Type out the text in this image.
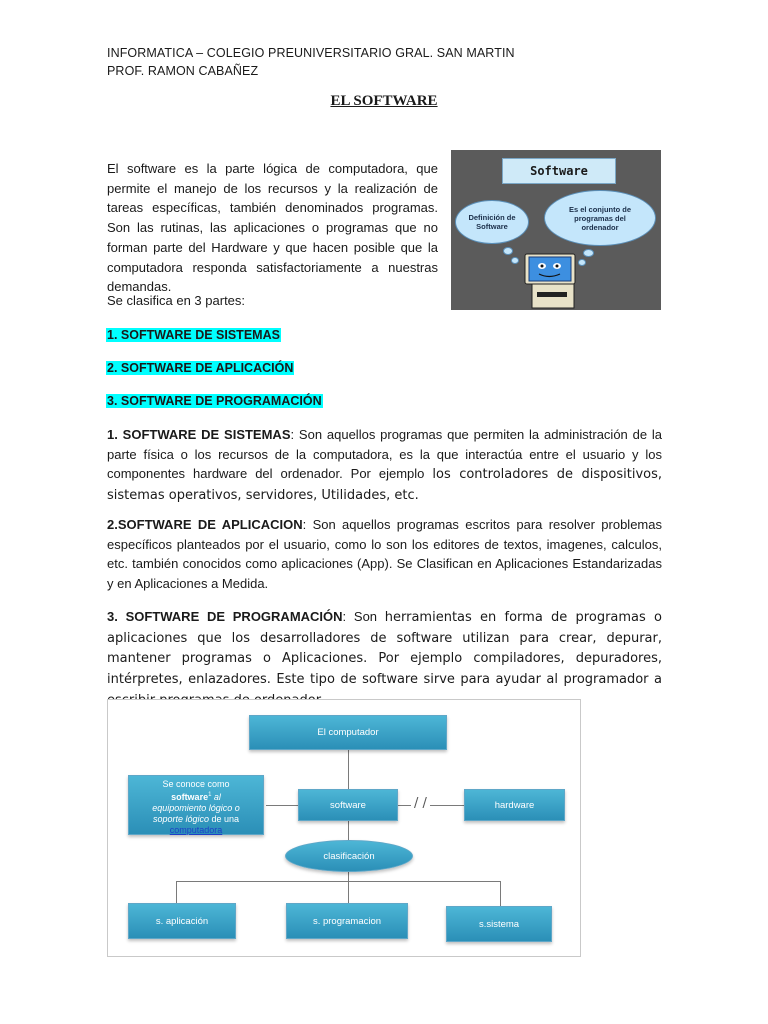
INFORMATICA – COLEGIO PREUNIVERSITARIO GRAL. SAN MARTIN
PROF. RAMON CABAÑEZ
EL SOFTWARE
El software es la parte lógica de computadora, que permite el manejo de los recursos y la realización de tareas específicas, también denominados programas. Son las rutinas, las aplicaciones o programas que no forman parte del Hardware y que hacen posible que la computadora responda satisfactoriamente a nuestras demandas.
Software
Definición de Software
Es el conjunto de programas del ordenador
Se clasifica en 3 partes:
1. SOFTWARE DE SISTEMAS
2. SOFTWARE DE APLICACIÓN
3. SOFTWARE DE PROGRAMACIÓN
1. SOFTWARE DE SISTEMAS: Son aquellos programas que permiten la administración de la parte física o los recursos de la computadora, es la que interactúa entre el usuario y los componentes hardware del ordenador. Por ejemplo los controladores de dispositivos, sistemas operativos, servidores, Utilidades, etc.
2.SOFTWARE DE APLICACION: Son aquellos programas escritos para resolver problemas específicos planteados por el usuario, como lo son los editores de textos, imagenes, calculos, etc. también conocidos como aplicaciones (App). Se Clasifican en Aplicaciones Estandarizadas y en Aplicaciones a Medida.
3. SOFTWARE DE PROGRAMACIÓN: Son herramientas en forma de programas o aplicaciones que los desarrolladores de software utilizan para crear, depurar, mantener programas o Aplicaciones. Por ejemplo compiladores, depuradores, intérpretes, enlazadores. Este tipo de software sirve para ayudar al programador a
El computador
software	hardware
/ /
Se conoce como
software$^1$ al
equipomiento lógico o
soporte lógico de una
computadora
clasificación
s. aplicación	s. programacion	s.sistema
